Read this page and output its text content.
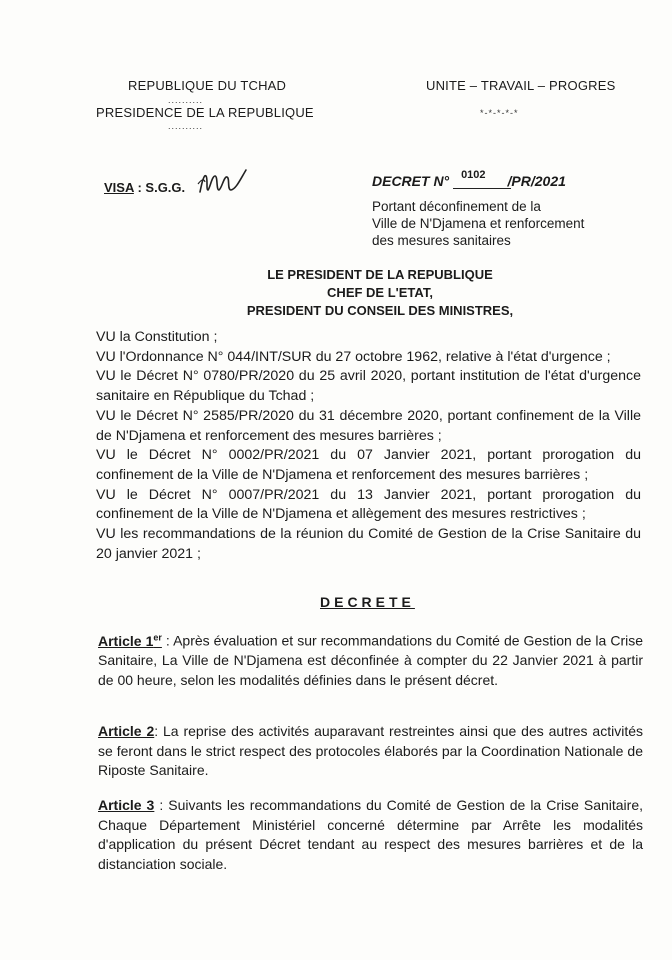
REPUBLIQUE DU TCHAD
..........
PRESIDENCE DE LA REPUBLIQUE
..........
UNITE – TRAVAIL – PROGRES
*-*-*-*-*
VISA : S.G.G.	DECRET N° $^{0102}$ /PR/2021
Portant déconfinement de la
Ville de N'Djamena et renforcement
des mesures sanitaires
LE PRESIDENT DE LA REPUBLIQUE
CHEF DE L'ETAT,
PRESIDENT DU CONSEIL DES MINISTRES,

VU la Constitution ;

VU l'Ordonnance N° 044/INT/SUR du 27 octobre 1962, relative à l'état d'urgence ;

VU le Décret N° 0780/PR/2020 du 25 avril 2020, portant institution de l'état d'urgence sanitaire en République du Tchad ;

VU le Décret N° 2585/PR/2020 du 31 décembre 2020, portant confinement de la Ville de N'Djamena et renforcement des mesures barrières ;

VU le Décret N° 0002/PR/2021 du 07 Janvier 2021, portant prorogation du confinement de la Ville de N'Djamena et renforcement des mesures barrières ;

VU le Décret N° 0007/PR/2021 du 13 Janvier 2021, portant prorogation du confinement de la Ville de N'Djamena et allègement des mesures restrictives ;

VU les recommandations de la réunion du Comité de Gestion de la Crise Sanitaire du 20 janvier 2021 ;

DECRETE
Article 1er : Après évaluation et sur recommandations du Comité de Gestion de la Crise Sanitaire, La Ville de N'Djamena est déconfinée à compter du 22 Janvier 2021 à partir de 00 heure, selon les modalités définies dans le présent décret.
Article 2: La reprise des activités auparavant restreintes ainsi que des autres activités se feront dans le strict respect des protocoles élaborés par la Coordination Nationale de Riposte Sanitaire.
Article 3 : Suivants les recommandations du Comité de Gestion de la Crise Sanitaire, Chaque Département Ministériel concerné détermine par Arrête les modalités d'application du présent Décret tendant au respect des mesures barrières et de la distanciation sociale.
